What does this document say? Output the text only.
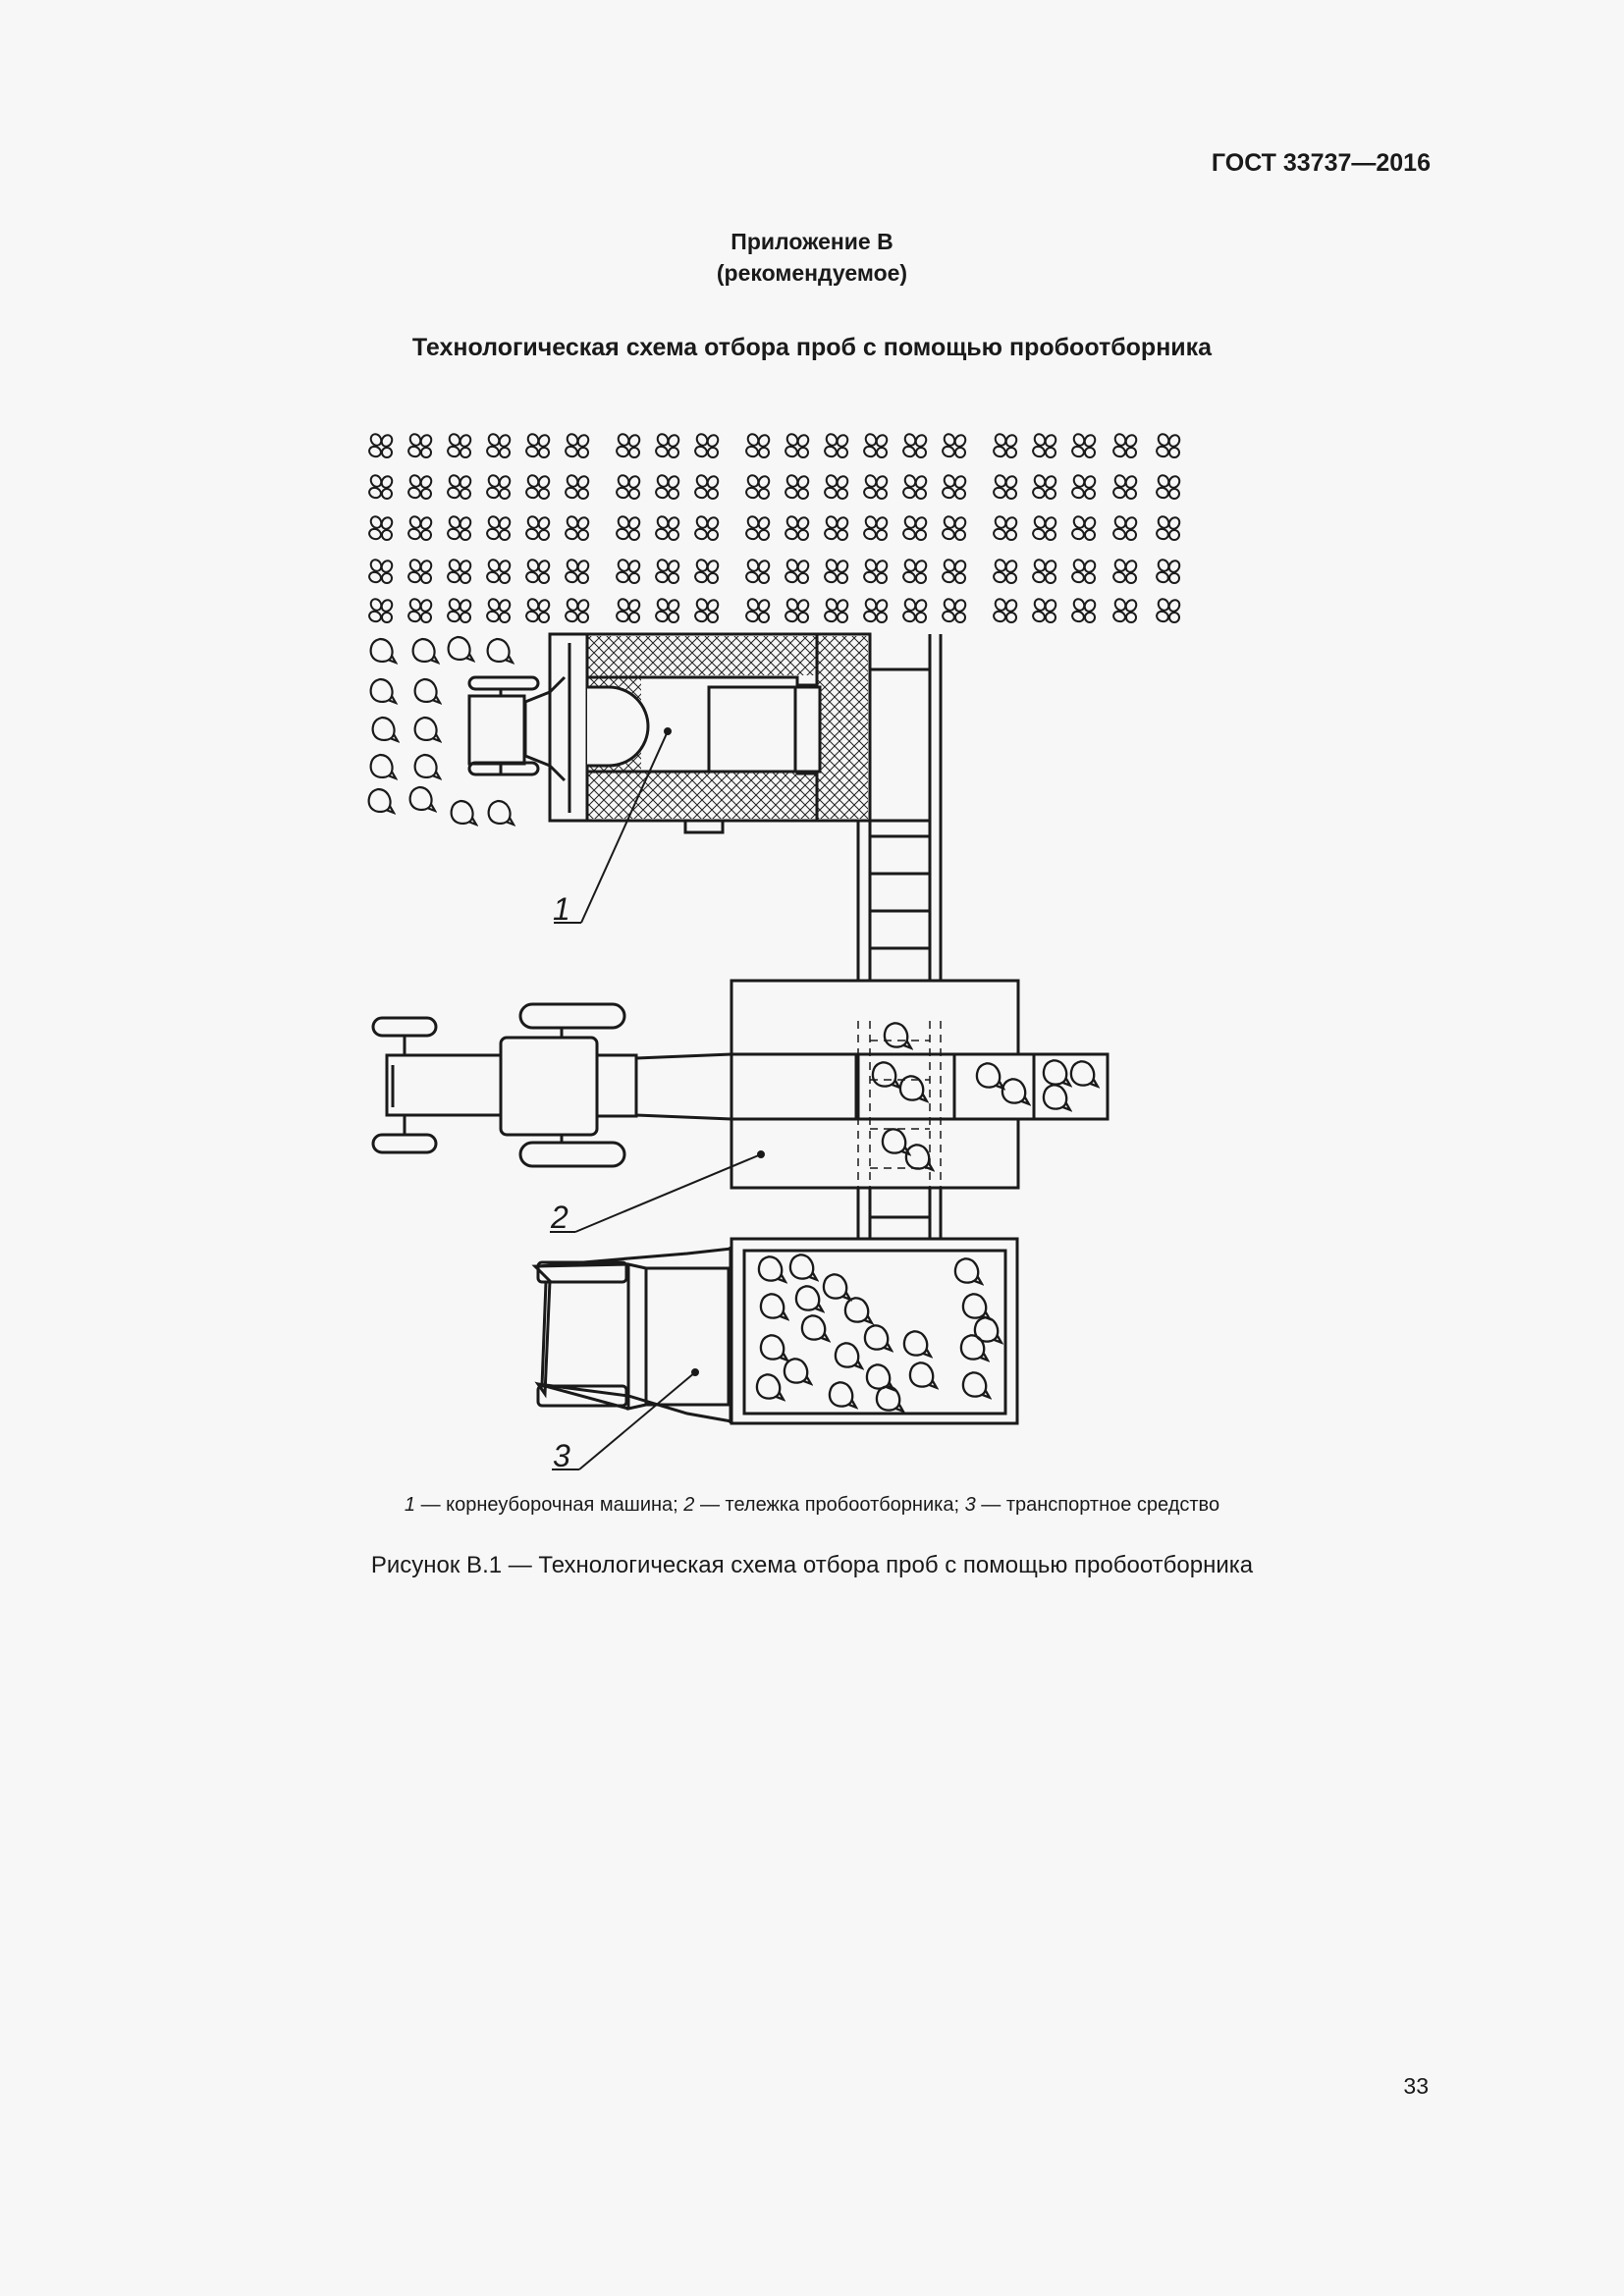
ГОСТ 33737—2016
Приложение В
(рекомендуемое)
Технологическая схема отбора проб с помощью пробоотборника
1
2
3
1 — корнеуборочная машина; 2 — тележка пробоотборника; 3 — транспортное средство
Рисунок В.1 — Технологическая схема отбора проб с помощью пробоотборника
33
